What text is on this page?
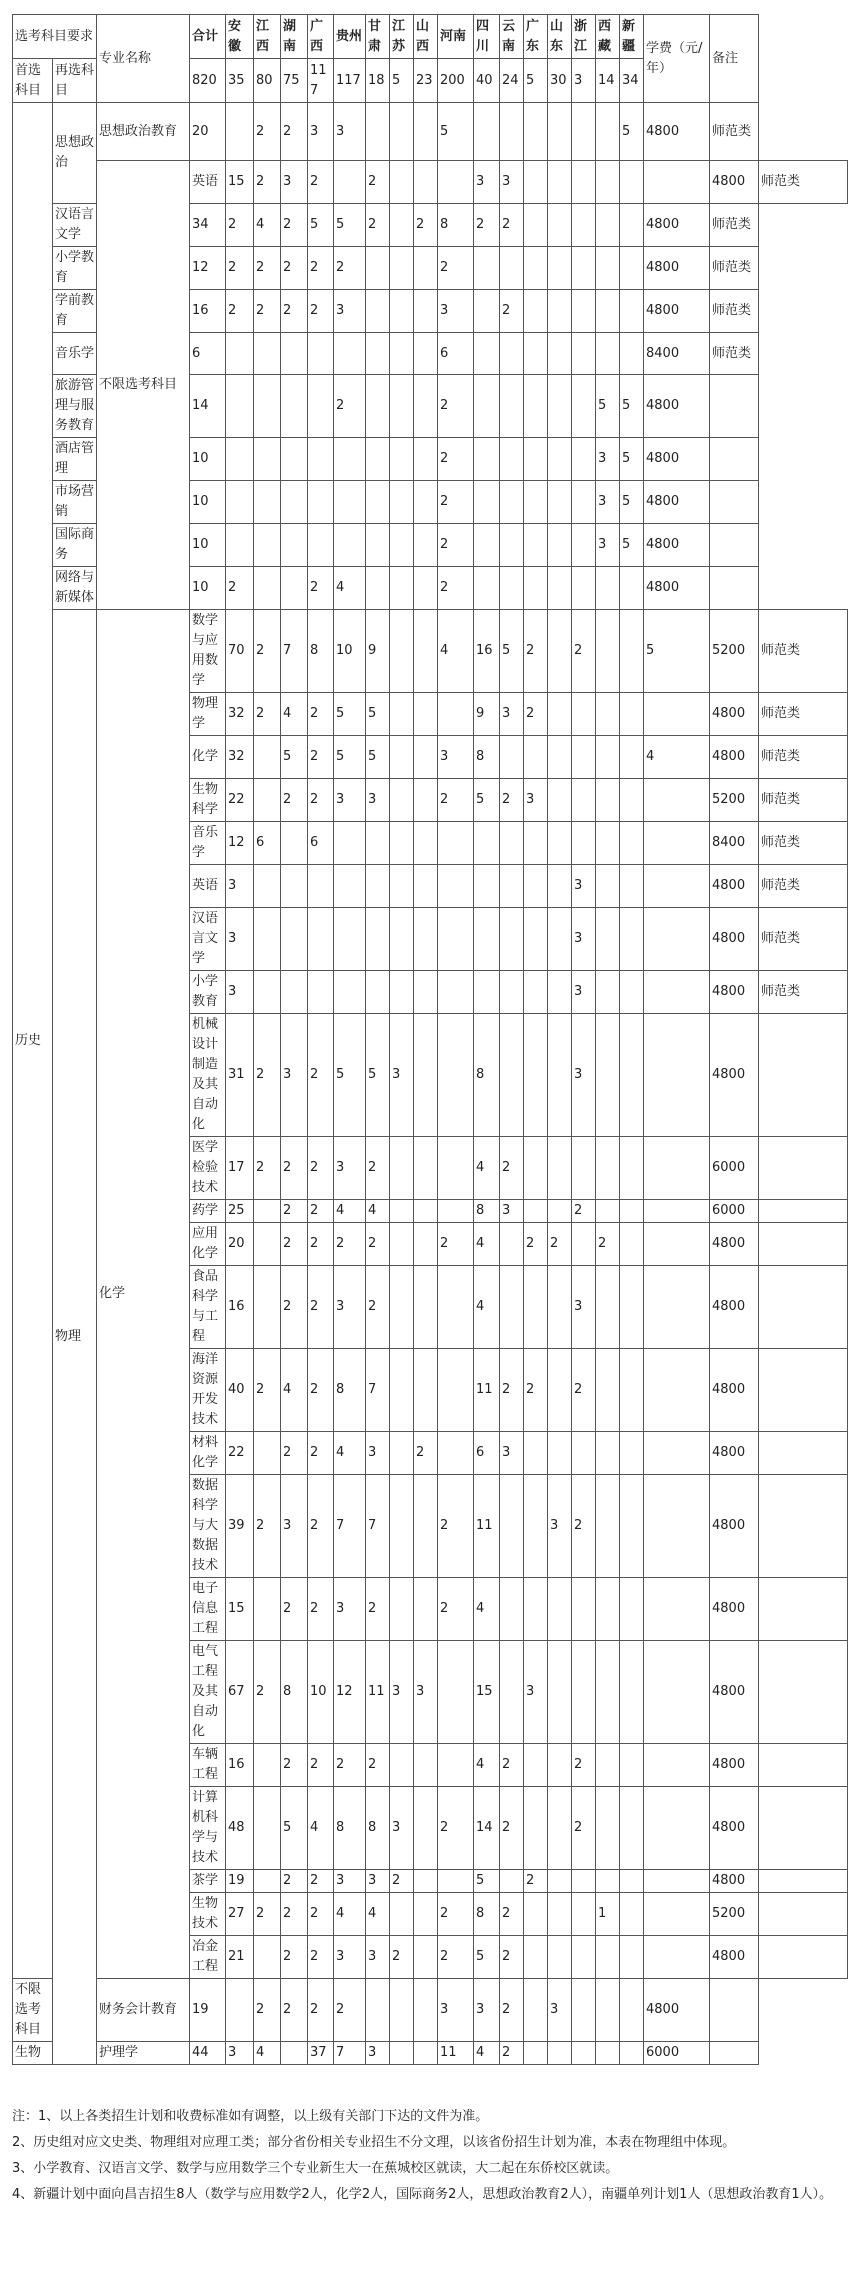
选考科目要求		专业名称	合计	安徽	江西	湖南	广西	贵州	甘肃	江苏	山西	河南	四川	云南	广东	山东	浙江	西藏	新疆	学费（元/年）	备注	
首选科目	再选科目		820	35	80	75	117	117	18	5	23	200	40	24	5	30	3	14	34			
历史	思想政治	思想政治教育	20		2	2	3	3				5							5	4800	师范类	
		不限选考科目	英语	15	2	3	2		2				3	3							4800	师范类
	汉语言文学		34	2	4	2	5	5	2		2	8	2	2						4800	师范类	
	小学教育		12	2	2	2	2	2				2								4800	师范类	
	学前教育		16	2	2	2	2	3				3		2						4800	师范类	
	音乐学		6									6								8400	师范类	
	旅游管理与服务教育		14					2				2						5	5	4800		
	酒店管理		10									2						3	5	4800		
	市场营销		10									2						3	5	4800		
	国际商务		10									2						3	5	4800		
	网络与新媒体		10	2			2	4				2								4800		
	物理	化学	数学与应用数学	70	2	7	8	10	9			4	16	5	2		2			5	5200	师范类
			物理学	32	2	4	2	5	5				9	3	2						4800	师范类
			化学	32		5	2	5	5			3	8							4	4800	师范类
			生物科学	22		2	2	3	3			2	5	2	3						5200	师范类
			音乐学	12	6		6														8400	师范类
			英语	3													3				4800	师范类
			汉语言文学	3													3				4800	师范类
			小学教育	3													3				4800	师范类
			机械设计制造及其自动化	31	2	3	2	5	5	3			8				3				4800	
			医学检验技术	17	2	2	2	3	2				4	2							6000	
			药学	25		2	2	4	4				8	3			2				6000	
			应用化学	20		2	2	2	2			2	4		2	2		2			4800	
			食品科学与工程	16		2	2	3	2				4				3				4800	
			海洋资源开发技术	40	2	4	2	8	7				11	2	2		2				4800	
			材料化学	22		2	2	4	3		2		6	3							4800	
			数据科学与大数据技术	39	2	3	2	7	7			2	11			3	2				4800	
			电子信息工程	15		2	2	3	2			2	4								4800	
			电气工程及其自动化	67	2	8	10	12	11	3	3		15		3						4800	
			车辆工程	16		2	2	2	2				4	2			2				4800	
			计算机科学与技术	48		5	4	8	8	3		2	14	2			2				4800	
			茶学	19		2	2	3	3	2			5		2						4800	
			生物技术	27	2	2	2	4	4			2	8	2				1			5200	
			冶金工程	21		2	2	3	3	2		2	5	2							4800	
不限选考科目		财务会计教育	19		2	2	2	2				3	3	2		3				4800		
生物		护理学	44	3	4		37	7	3			11	4	2						6000		

注：1、以上各类招生计划和收费标准如有调整，以上级有关部门下达的文件为准。

2、历史组对应文史类、物理组对应理工类；部分省份相关专业招生不分文理，以该省份招生计划为准，本表在物理组中体现。

3、小学教育、汉语言文学、数学与应用数学三个专业新生大一在蕉城校区就读，大二起在东侨校区就读。

4、新疆计划中面向昌吉招生8人（数学与应用数学2人，化学2人，国际商务2人，思想政治教育2人），南疆单列计划1人（思想政治教育1人）。
